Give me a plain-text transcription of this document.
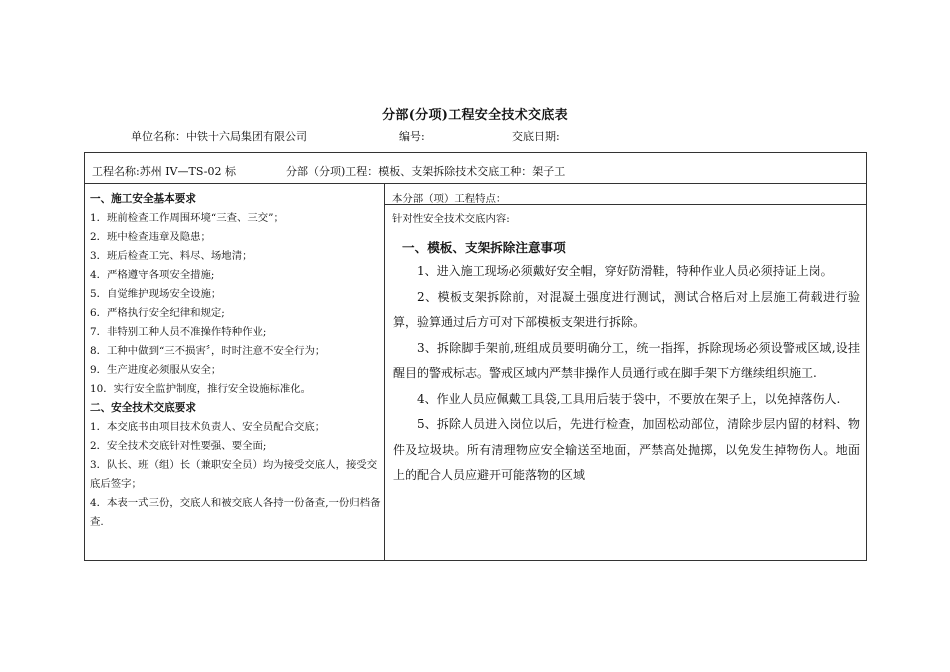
分部(分项)工程安全技术交底表
单位名称：中铁十六局集团有限公司	编号:	交底日期:
工程名称:苏州 IV—TS-02 标	分部（分项)工程：模板、支架拆除技术交底工种：架子工
一、施工安全基本要求
1．班前检查工作周围环境“三查、三交”；
2．班中检查违章及隐患；
3．班后检查工完、料尽、场地清；
4．严格遵守各项安全措施;
5．自觉维护现场安全设施；
6．严格执行安全纪律和规定;
7．非特别工种人员不准操作特种作业;
8．工种中做到“三不损害〞，时时注意不安全行为；
9．生产进度必须服从安全；
10．实行安全监护制度，推行安全设施标准化。
二、安全技术交底要求
1．本交底书由项目技术负责人、安全员配合交底；
2．安全技术交底针对性要强、要全面;
3．队长、班（组）长（兼职安全员）均为接受交底人，接受交底后签字；
4．本表一式三份，交底人和被交底人各持一份备查,一份归档备查.
本分部（项）工程特点：
针对性安全技术交底内容:
一、模板、支架拆除注意事项
1、进入施工现场必须戴好安全帽，穿好防滑鞋，特种作业人员必须持证上岗。
2、模板支架拆除前，对混凝土强度进行测试，测试合格后对上层施工荷载进行验算，验算通过后方可对下部模板支架进行拆除。
3、拆除脚手架前,班组成员要明确分工，统一指挥，拆除现场必须设警戒区域,设挂醒目的警戒标志。警戒区域内严禁非操作人员通行或在脚手架下方继续组织施工.
4、作业人员应佩戴工具袋,工具用后装于袋中，不要放在架子上，以免掉落伤人.
5、拆除人员进入岗位以后，先进行检查，加固松动部位，清除步层内留的材料、物件及垃圾块。所有清理物应安全输送至地面，严禁高处抛掷，以免发生掉物伤人。地面上的配合人员应避开可能落物的区域
